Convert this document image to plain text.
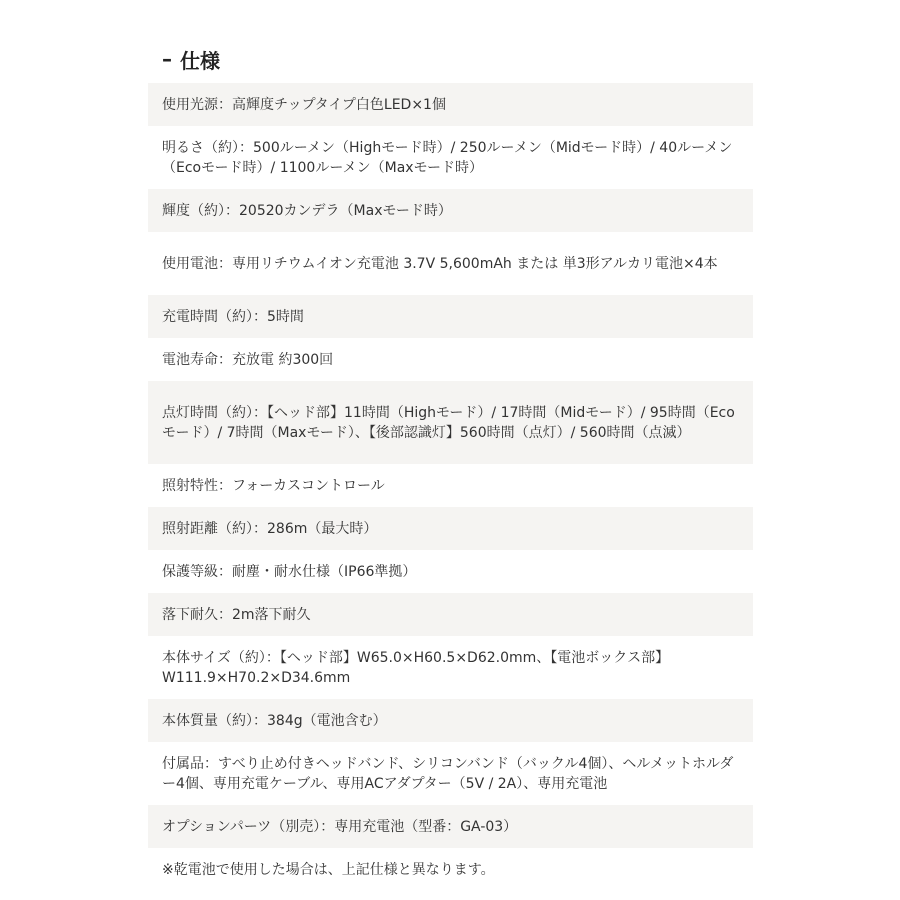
– 仕様
使用光源：高輝度チップタイプ白色LED×1個
明るさ（約）：500ルーメン（Highモード時）/ 250ルーメン（Midモード時）/ 40ルーメン（Ecoモード時）/ 1100ルーメン（Maxモード時）
輝度（約）：20520カンデラ（Maxモード時）
使用電池：専用リチウムイオン充電池 3.7V 5,600mAh または 単3形アルカリ電池×4本
充電時間（約）：5時間
電池寿命：充放電 約300回
点灯時間（約）：【ヘッド部】11時間（Highモード）/ 17時間（Midモード）/ 95時間（Ecoモード）/ 7時間（Maxモード）、【後部認識灯】560時間（点灯）/ 560時間（点滅）
照射特性：フォーカスコントロール
照射距離（約）：286m（最大時）
保護等級：耐塵・耐水仕様（IP66準拠）
落下耐久：2m落下耐久
本体サイズ（約）：【ヘッド部】W65.0×H60.5×D62.0mm、【電池ボックス部】W111.9×H70.2×D34.6mm
本体質量（約）：384g（電池含む）
付属品：すべり止め付きヘッドバンド、シリコンバンド（バックル4個）、ヘルメットホルダー4個、専用充電ケーブル、専用ACアダプター（5V / 2A）、専用充電池
オプションパーツ（別売）：専用充電池（型番：GA-03）
※乾電池で使用した場合は、上記仕様と異なります。
